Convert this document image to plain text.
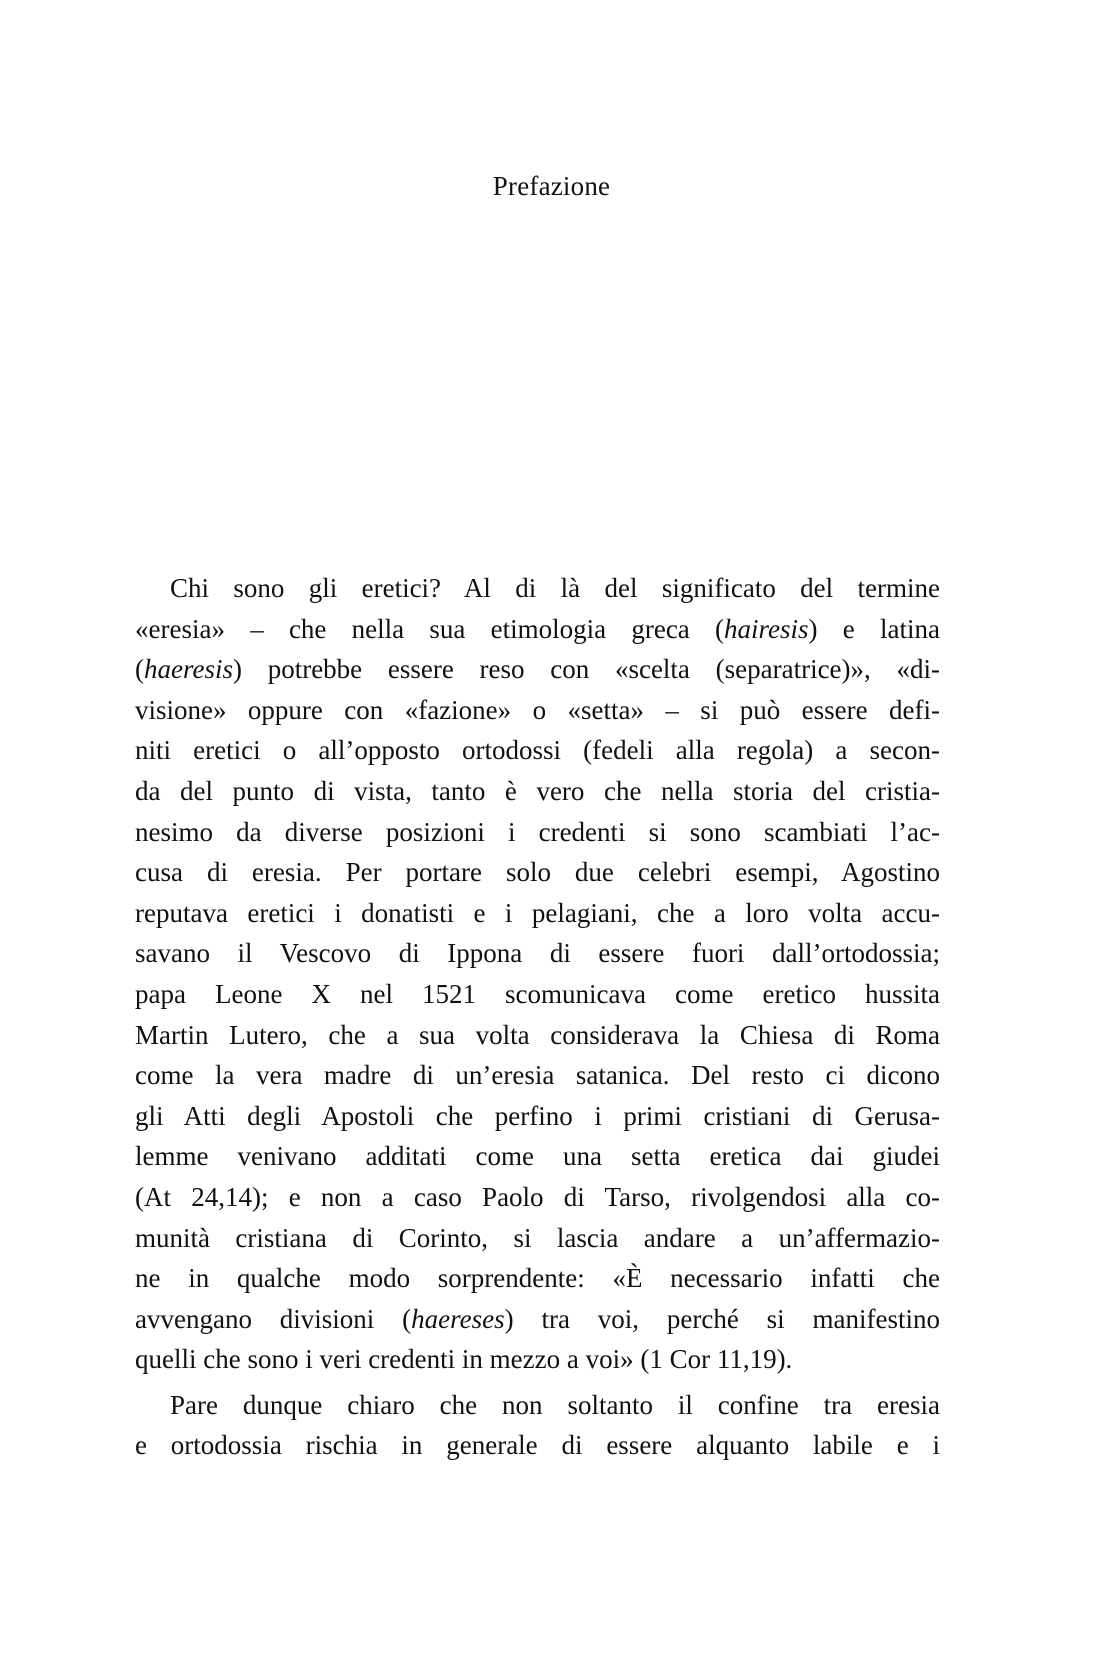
Prefazione
Chi sono gli eretici? Al di là del significato del termine
«eresia» – che nella sua etimologia greca (hairesis) e latina
(haeresis) potrebbe essere reso con «scelta (separatrice)», «di-
visione» oppure con «fazione» o «setta» – si può essere defi-
niti eretici o all’opposto ortodossi (fedeli alla regola) a secon-
da del punto di vista, tanto è vero che nella storia del cristia-
nesimo da diverse posizioni i credenti si sono scambiati l’ac-
cusa di eresia. Per portare solo due celebri esempi, Agostino
reputava eretici i donatisti e i pelagiani, che a loro volta accu-
savano il Vescovo di Ippona di essere fuori dall’ortodossia;
papa Leone X nel 1521 scomunicava come eretico hussita
Martin Lutero, che a sua volta considerava la Chiesa di Roma
come la vera madre di un’eresia satanica. Del resto ci dicono
gli Atti degli Apostoli che perfino i primi cristiani di Gerusa-
lemme venivano additati come una setta eretica dai giudei
(At 24,14); e non a caso Paolo di Tarso, rivolgendosi alla co-
munità cristiana di Corinto, si lascia andare a un’affermazio-
ne in qualche modo sorprendente: «È necessario infatti che
avvengano divisioni (haereses) tra voi, perché si manifestino
quelli che sono i veri credenti in mezzo a voi» (1 Cor 11,19).
Pare dunque chiaro che non soltanto il confine tra eresia
e ortodossia rischia in generale di essere alquanto labile e i
